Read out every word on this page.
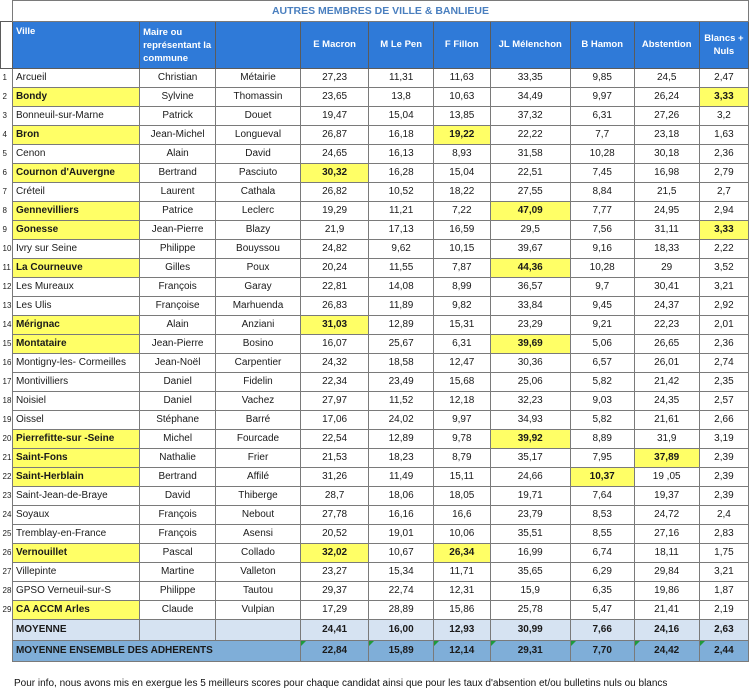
	AUTRES MEMBRES DE VILLE & BANLIEUE									
	Ville	Maire ou représentant la commune		E Macron	M Le Pen	F Fillon	JL Mélenchon	B Hamon	Abstention	Blancs + Nuls
1	Arcueil	Christian	Métairie	27,23	11,31	11,63	33,35	9,85	24,5	2,47
2	Bondy	Sylvine	Thomassin	23,65	13,8	10,63	34,49	9,97	26,24	3,33
3	Bonneuil-sur-Marne	Patrick	Douet	19,47	15,04	13,85	37,32	6,31	27,26	3,2
4	Bron	Jean-Michel	Longueval	26,87	16,18	19,22	22,22	7,7	23,18	1,63
5	Cenon	Alain	David	24,65	16,13	8,93	31,58	10,28	30,18	2,36
6	Cournon d'Auvergne	Bertrand	Pasciuto	30,32	16,28	15,04	22,51	7,45	16,98	2,79
7	Créteil	Laurent	Cathala	26,82	10,52	18,22	27,55	8,84	21,5	2,7
8	Gennevilliers	Patrice	Leclerc	19,29	11,21	7,22	47,09	7,77	24,95	2,94
9	Gonesse	Jean-Pierre	Blazy	21,9	17,13	16,59	29,5	7,56	31,11	3,33
10	Ivry sur Seine	Philippe	Bouyssou	24,82	9,62	10,15	39,67	9,16	18,33	2,22
11	La Courneuve	Gilles	Poux	20,24	11,55	7,87	44,36	10,28	29	3,52
12	Les Mureaux	François	Garay	22,81	14,08	8,99	36,57	9,7	30,41	3,21
13	Les Ulis	Françoise	Marhuenda	26,83	11,89	9,82	33,84	9,45	24,37	2,92
14	Mérignac	Alain	Anziani	31,03	12,89	15,31	23,29	9,21	22,23	2,01
15	Montataire	Jean-Pierre	Bosino	16,07	25,67	6,31	39,69	5,06	26,65	2,36
16	Montigny-les- Cormeilles	Jean-Noël	Carpentier	24,32	18,58	12,47	30,36	6,57	26,01	2,74
17	Montivilliers	Daniel	Fidelin	22,34	23,49	15,68	25,06	5,82	21,42	2,35
18	Noisiel	Daniel	Vachez	27,97	11,52	12,18	32,23	9,03	24,35	2,57
19	Oissel	Stéphane	Barré	17,06	24,02	9,97	34,93	5,82	21,61	2,66
20	Pierrefitte-sur -Seine	Michel	Fourcade	22,54	12,89	9,78	39,92	8,89	31,9	3,19
21	Saint-Fons	Nathalie	Frier	21,53	18,23	8,79	35,17	7,95	37,89	2,39
22	Saint-Herblain	Bertrand	Affilé	31,26	11,49	15,11	24,66	10,37	19 ,05	2,39
23	Saint-Jean-de-Braye	David	Thiberge	28,7	18,06	18,05	19,71	7,64	19,37	2,39
24	Soyaux	François	Nebout	27,78	16,16	16,6	23,79	8,53	24,72	2,4
25	Tremblay-en-France	François	Asensi	20,52	19,01	10,06	35,51	8,55	27,16	2,83
26	Vernouillet	Pascal	Collado	32,02	10,67	26,34	16,99	6,74	18,11	1,75
27	Villepinte	Martine	Valleton	23,27	15,34	11,71	35,65	6,29	29,84	3,21
28	GPSO Verneuil-sur-S	Philippe	Tautou	29,37	22,74	12,31	15,9	6,35	19,86	1,87
29	CA ACCM Arles	Claude	Vulpian	17,29	28,89	15,86	25,78	5,47	21,41	2,19
	MOYENNE			24,41	16,00	12,93	30,99	7,66	24,16	2,63
	MOYENNE ENSEMBLE DES ADHERENTS			22,84	15,89	12,14	29,31	7,70	24,42	2,44
Pour info, nous avons mis en exergue les 5 meilleurs scores pour chaque candidat ainsi que pour les taux d'absention et/ou bulletins nuls ou blancs
